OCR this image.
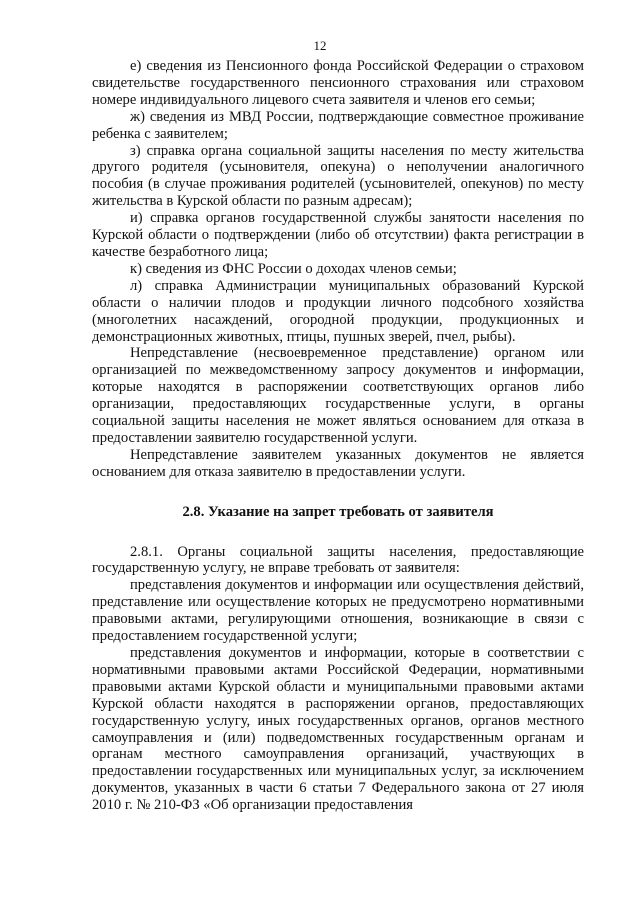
12

е) сведения из Пенсионного фонда Российской Федерации о страховом свидетельстве государственного пенсионного страхования или страховом номере индивидуального лицевого счета заявителя и членов его семьи;

ж) сведения из МВД России, подтверждающие совместное проживание ребенка с заявителем;

з) справка органа социальной защиты населения по месту жительства другого родителя (усыновителя, опекуна) о неполучении аналогичного пособия (в случае проживания родителей (усыновителей, опекунов) по месту жительства в Курской области по разным адресам);

и) справка органов государственной службы занятости населения по Курской области о подтверждении (либо об отсутствии) факта регистрации в качестве безработного лица;

к) сведения из ФНС России о доходах членов семьи;

л) справка Администрации муниципальных образований Курской области о наличии плодов и продукции личного подсобного хозяйства (многолетних насаждений, огородной продукции, продукционных и демонстрационных животных, птицы, пушных зверей, пчел, рыбы).

Непредставление (несвоевременное представление) органом или организацией по межведомственному запросу документов и информации, которые находятся в распоряжении соответствующих органов либо организации, предоставляющих государственные услуги, в органы социальной защиты населения не может являться основанием для отказа в предоставлении заявителю государственной услуги.

Непредставление заявителем указанных документов не является основанием для отказа заявителю в предоставлении услуги.

2.8. Указание на запрет требовать от заявителя

2.8.1. Органы социальной защиты населения, предоставляющие государственную услугу, не вправе требовать от заявителя:

представления документов и информации или осуществления действий, представление или осуществление которых не предусмотрено нормативными правовыми актами, регулирующими отношения, возникающие в связи с предоставлением государственной услуги;

представления документов и информации, которые в соответствии с нормативными правовыми актами Российской Федерации, нормативными правовыми актами Курской области и муниципальными правовыми актами Курской области находятся в распоряжении органов, предоставляющих государственную услугу, иных государственных органов, органов местного самоуправления и (или) подведомственных государственным органам и органам местного самоуправления организаций, участвующих в предоставлении государственных или муниципальных услуг, за исключением документов, указанных в части 6 статьи 7 Федерального закона от 27 июля 2010 г. № 210-ФЗ «Об организации предоставления
